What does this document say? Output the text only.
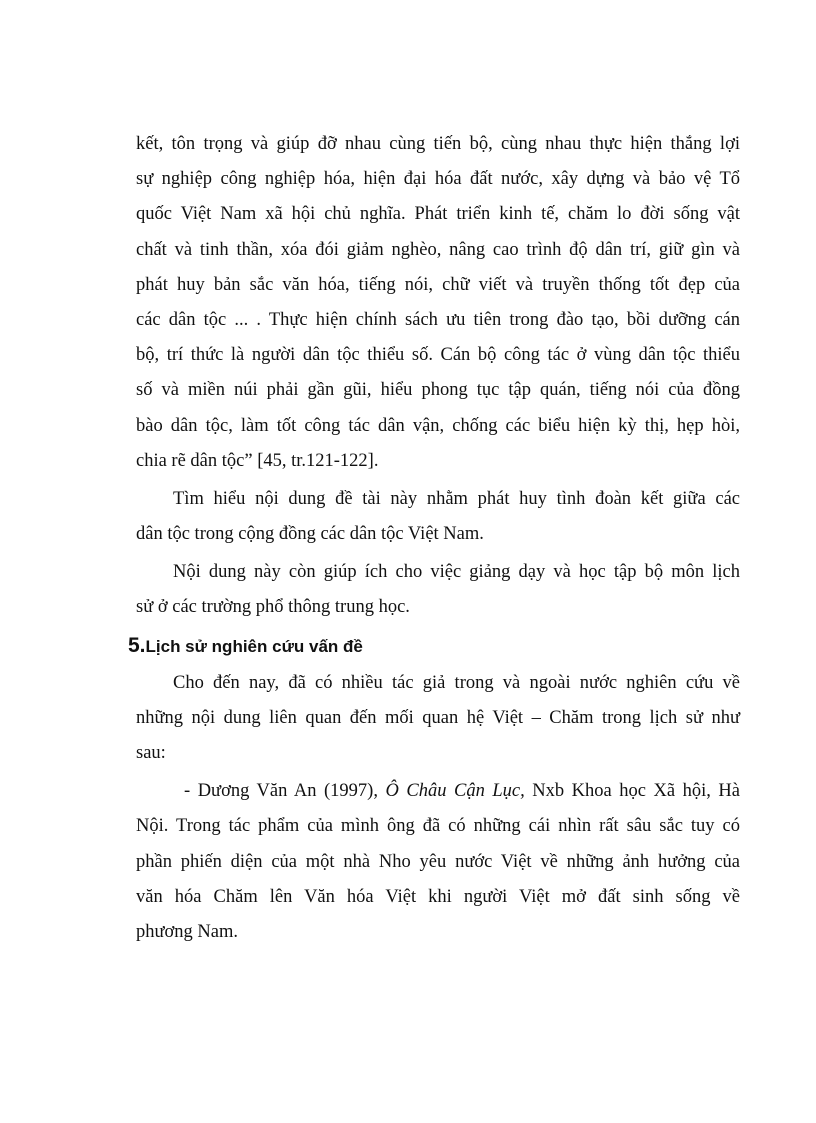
kết, tôn trọng và giúp đỡ nhau cùng tiến bộ, cùng nhau thực hiện thắng lợi
sự nghiệp công nghiệp hóa, hiện đại hóa đất nước, xây dựng và bảo vệ Tổ
quốc Việt Nam xã hội chủ nghĩa. Phát triển kinh tế, chăm lo đời sống vật
chất và tinh thần, xóa đói giảm nghèo, nâng cao trình độ dân trí, giữ gìn và
phát huy bản sắc văn hóa, tiếng nói, chữ viết và truyền thống tốt đẹp của
các dân tộc ... . Thực hiện chính sách ưu tiên trong đào tạo, bồi dưỡng cán
bộ, trí thức là người dân tộc thiểu số. Cán bộ công tác ở vùng dân tộc thiểu
số và miền núi phải gần gũi, hiểu phong tục tập quán, tiếng nói của đồng
bào dân tộc, làm tốt công tác dân vận, chống các biểu hiện kỳ thị, hẹp hòi,
chia rẽ dân tộc” [45, tr.121-122].
Tìm hiểu nội dung đề tài này nhằm phát huy tình đoàn kết giữa các
dân tộc trong cộng đồng các dân tộc Việt Nam.
Nội dung này còn giúp ích cho việc giảng dạy và học tập bộ môn lịch
sử ở các trường phổ thông trung học.
5.Lịch sử nghiên cứu vấn đề
Cho đến nay, đã có nhiều tác giả trong và ngoài nước nghiên cứu về
những nội dung liên quan đến mối quan hệ Việt – Chăm trong lịch sử như
sau:
- Dương Văn An (1997), Ô Châu Cận Lục, Nxb Khoa học Xã hội, Hà
Nội. Trong tác phẩm của mình ông đã có những cái nhìn rất sâu sắc tuy có
phần phiến diện của một nhà Nho yêu nước Việt về những ảnh hưởng của
văn hóa Chăm lên Văn hóa Việt khi người Việt mở đất sinh sống về
phương Nam.
